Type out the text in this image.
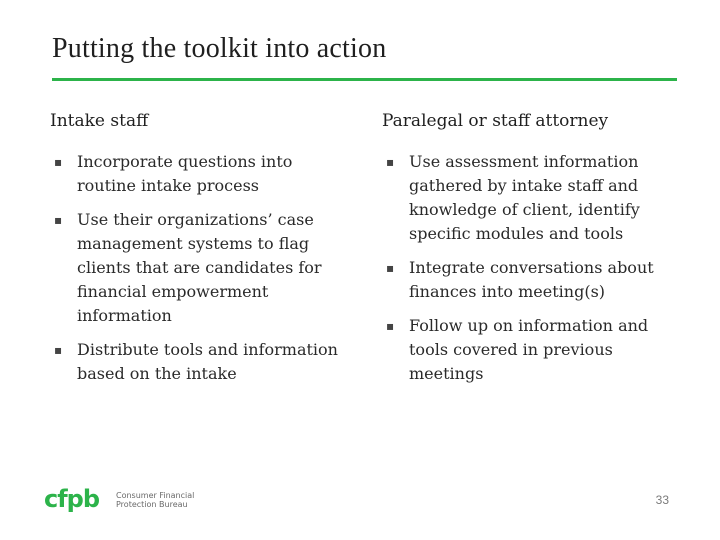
Putting the toolkit into action
Intake staff
▪ Incorporate questions into routine intake process
▪ Use their organizations’ case management systems to flag clients that are candidates for financial empowerment information
▪ Distribute tools and information based on the intake
Paralegal or staff attorney
▪ Use assessment information gathered by intake staff and knowledge of client, identify specific modules and tools
▪ Integrate conversations about finances into meeting(s)
▪ Follow up on information and tools covered in previous meetings
cfpb Consumer Financial
Protection Bureau	33
